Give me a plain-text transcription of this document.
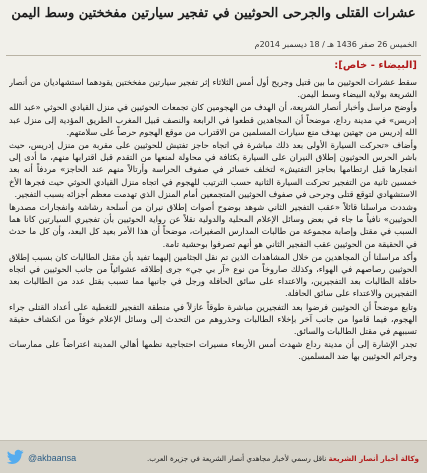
عشرات القتلى والجرحى الحوثيين في تفجير سيارتين مفخختين وسط اليمن
الخميس 26 صفر 1436 هـ / 18 ديسمبر 2014م
[البيضاء - خاص]:

سقط عشرات الحوثيين ما بين قتيل وجريح أول أمس الثلاثاء إثر تفجير سيارتين مفخختين يقودهما استشهاديان من أنصار الشريعة بولاية البيضاء وسط اليمن.

وأوضح مراسل وأخبار أنصار الشريعة، أن الهدف من الهجومين كان تجمعات الحوثيين في منزل القيادي الحوثي «عبد الله إدريس» في مدينة رداع، موضحاً أن المجاهدين قطعوا في الرابعة والنصف قبيل المغرب الطريق المؤدية إلى منزل عبد الله إدريس من جهتين بهدف منع سيارات المسلمين من الاقتراب من موقع الهجوم حرصاً على سلامتهم.

وأضاف «تحركت السيارة الأولى بعد ذلك مباشرة في اتجاه حاجز تفتيش للحوثيين على مقربة من منزل إدريس، حيث باشر الحرس الحوثيون إطلاق النيران على السيارة بكثافة في محاولة لمنعها من التقدم قبل اقترابها منهم، ما أدى إلى انفجارها قبل ارتطامها بحاجز التفتيش» لتخلف خسائر في صفوف الحراسة وأرتالاً منهم عند الحاجز» مردفاً أنه بعد خمسين ثانية من التفجير تحركت السيارة الثانية حسب الترتيب للهجوم في اتجاه منزل القيادي الحوثي حيث فجرها الأخ الاستشهادي لتوقع قتلى وجرحى في صفوف الحوثيين المتجمعين أمام المنزل الذي تهدمت معظم أجزائه بسبب التفجير.

وشددت مراسلنا قائلاً «عقب التفجير الثاني شوهد بوضوح أصوات إطلاق نيران من أسلحة رشاشة وانفجارات مصدرها الحوثيين» نافياً ما جاء في بعض وسائل الإعلام المحلية والدولية نقلاً عن رواية الحوثيين بأن تفجيري السيارتين كانا هما السبب في مقتل وإصابة مجموعة من طالبات المدارس الصغيرات، موضحاً أن هذا الأمر بعيد كل البعد، وأن كل ما حدث في الحقيقة من الحوثيين عقب التفجير الثاني هو أنهم تصرفوا بوحشية تامة.

وأكد مراسلنا أن المجاهدين من خلال المشاهدات الذين تم نقل الجثامين إليهما تفيد بأن مقتل الطالبات كان بسبب إطلاق الحوثيين رصاصهم في الهواء، وكذلك صاروخاً من نوع «آر بي جي» جرى إطلاقه عشوائياً من جانب الحوثيين في اتجاه حافلة الطالبات بعد التفجيرين، والاعتداء على سائق الحافلة ورجل في جانبها مما تسبب بقتل عدد من الطالبات بعد التفجيرين والاعتداء على سائق الحافلة.

وتابع موضحاً أن الحوثيين فرضوا بعد التفجيرين مباشرة طوقاً عازلاً في منطقة التفجير للتغطية على أعداد القتلى جراء الهجوم، فيما قاموا من جانب آخر بإخلاء الطالبات وحذروهم من التحدث إلى وسائل الإعلام خوفاً من انكشاف حقيقة تسببهم في مقتل الطالبات والسائق.

تجدر الإشارة إلى أن مدينة رداع شهدت أمس الأربعاء مسيرات احتجاجية نظمها أهالي المدينة اعتراضاً على ممارسات وجرائم الحوثيين بها ضد المسلمين.

@akbaansa	وكالة أخبار أنصار الشريعة ناقل رسمي لأخبار مجاهدي أنصار الشريعة في جزيرة العرب.
